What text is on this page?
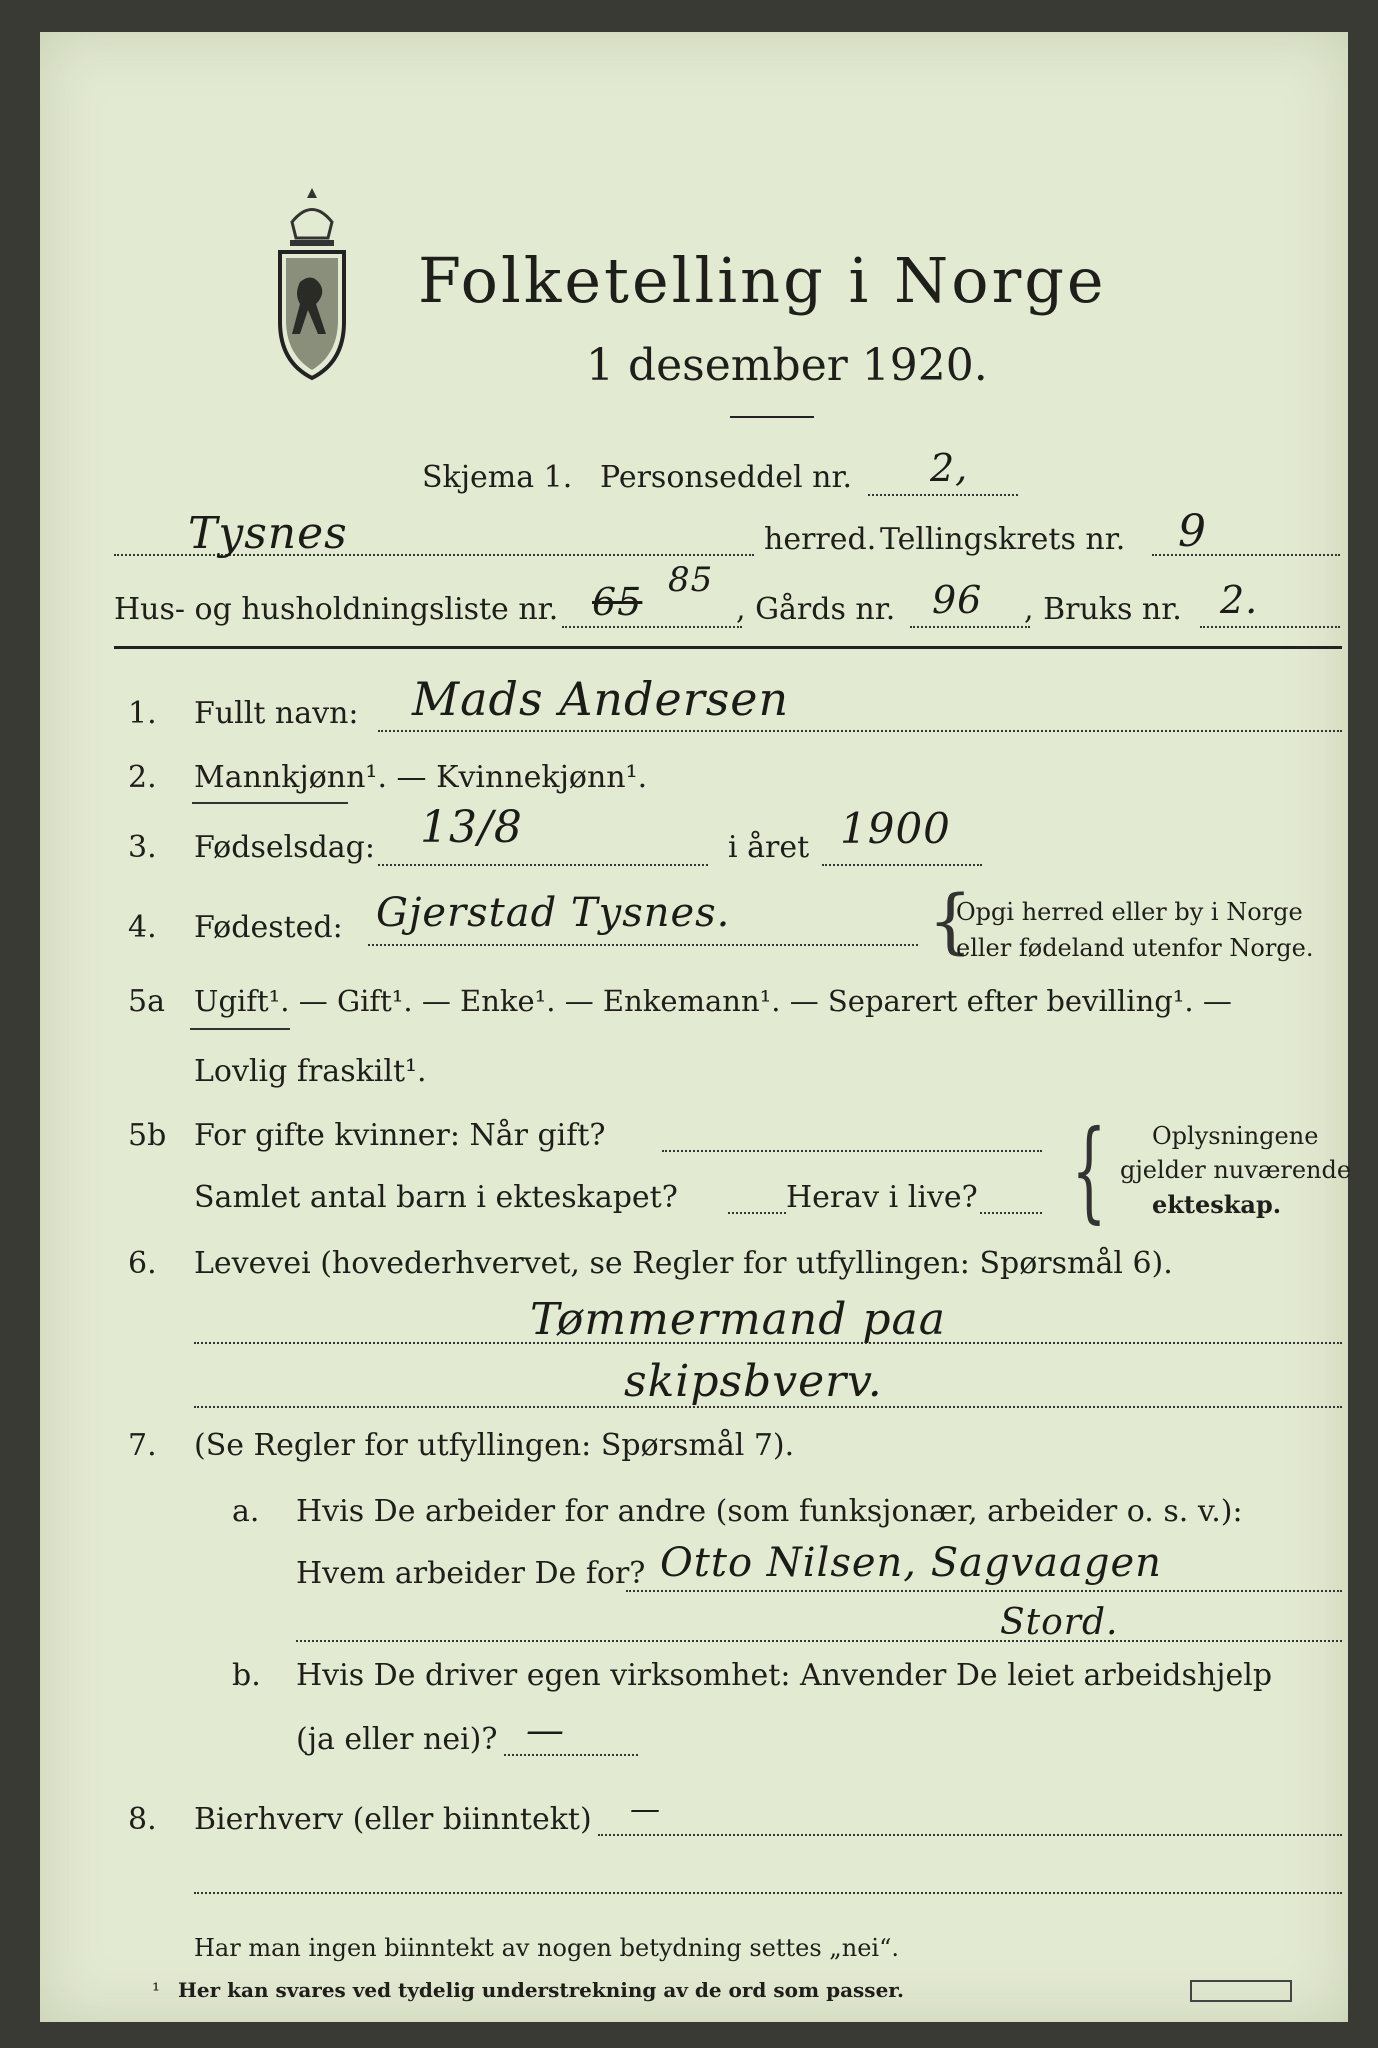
Folketelling i Norge
1 desember 1920.
Skjema 1. Personseddel nr. 2,
Tysnes	herred. Tellingskrets nr. 9
Hus- og husholdningsliste nr. 65 85
, Gårds nr. 96 , Bruks nr. 2.
1. Fullt navn: Mads Andersen
2. Mannkjønn¹. — Kvinnekjønn¹.
3. Fødselsdag: 13/8	i året 1900
4. Fødested: Gjerstad Tysnes.	{
Opgi herred eller by i Norge
eller fødeland utenfor Norge.
5a Ugift¹. — Gift¹. — Enke¹. — Enkemann¹. — Separert efter bevilling¹. —
Lovlig fraskilt¹.
5b For gifte kvinner: Når gift?
Samlet antal barn i ekteskapet?	Herav i live? { Oplysningene
gjelder nuværende
ekteskap.
6. Levevei (hovederhvervet, se Regler for utfyllingen: Spørsmål 6).
Tømmermand paa
skipsbverv.
7. (Se Regler for utfyllingen: Spørsmål 7).
a. Hvis De arbeider for andre (som funksjonær, arbeider o. s. v.):
Hvem arbeider De for? Otto Nilsen, Sagvaagen
Stord.
b. Hvis De driver egen virksomhet: Anvender De leiet arbeidshjelp
(ja eller nei)? —
8. Bierhverv (eller biinntekt) —
Har man ingen biinntekt av nogen betydning settes „nei“.
¹ Her kan svares ved tydelig understrekning av de ord som passer.
